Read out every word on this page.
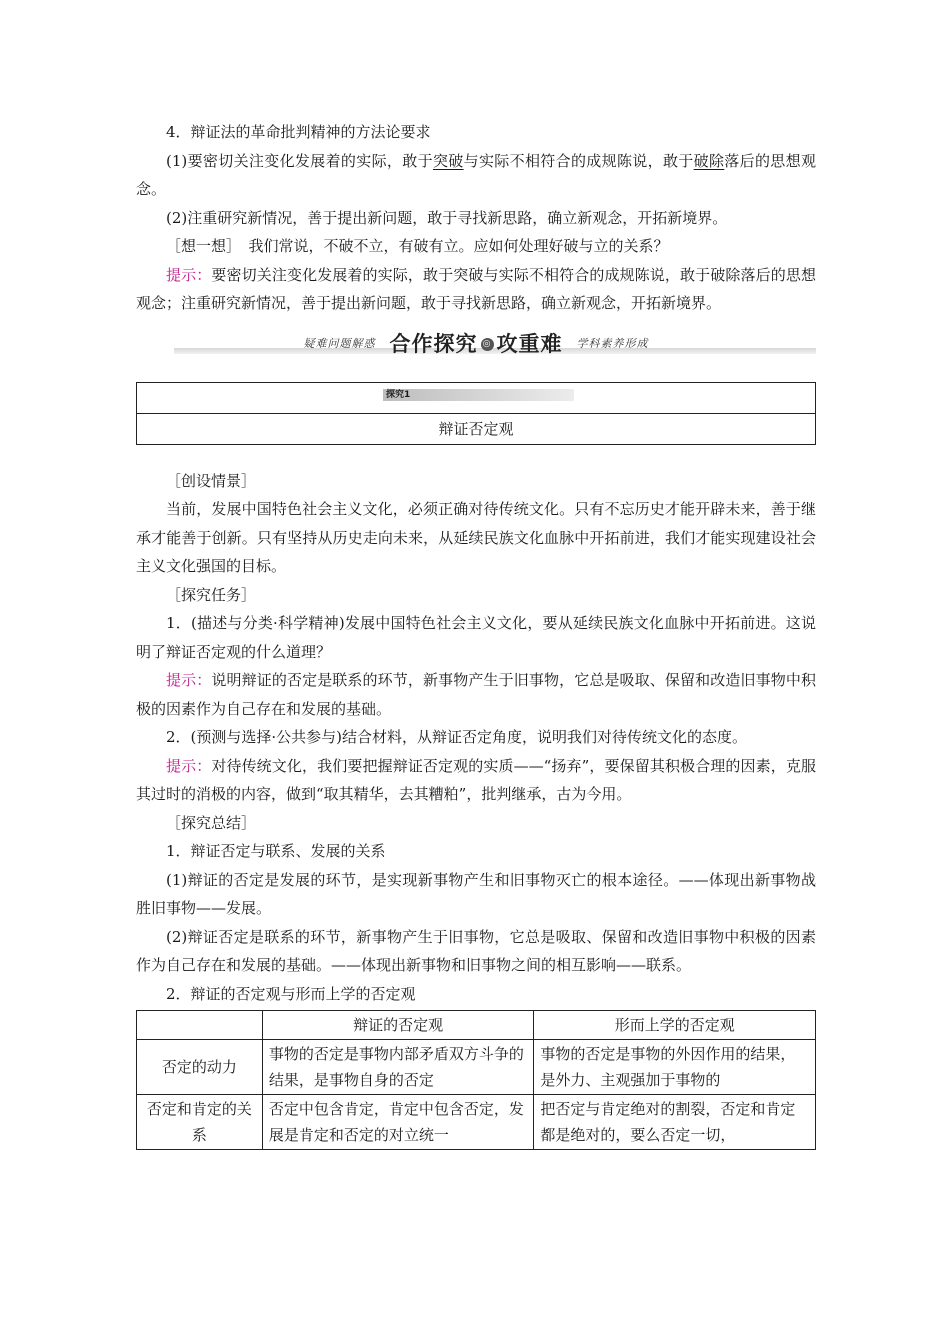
4．辩证法的革命批判精神的方法论要求

(1)要密切关注变化发展着的实际，敢于突破与实际不相符合的成规陈说，敢于破除落后的思想观念。

(2)注重研究新情况，善于提出新问题，敢于寻找新思路，确立新观念，开拓新境界。

［想一想］　我们常说，不破不立，有破有立。应如何处理好破与立的关系？

提示：要密切关注变化发展着的实际，敢于突破与实际不相符合的成规陈说，敢于破除落后的思想观念；注重研究新情况，善于提出新问题，敢于寻找新思路，确立新观念，开拓新境界。

疑难问题解惑 合作探究 ◎ 攻重难 学科素养形成
探究1
辩证否定观

［创设情景］

当前，发展中国特色社会主义文化，必须正确对待传统文化。只有不忘历史才能开辟未来，善于继承才能善于创新。只有坚持从历史走向未来，从延续民族文化血脉中开拓前进，我们才能实现建设社会主义文化强国的目标。

［探究任务］

1．(描述与分类·科学精神)发展中国特色社会主义文化，要从延续民族文化血脉中开拓前进。这说明了辩证否定观的什么道理？

提示：说明辩证的否定是联系的环节，新事物产生于旧事物，它总是吸取、保留和改造旧事物中积极的因素作为自己存在和发展的基础。

2．(预测与选择·公共参与)结合材料，从辩证否定角度，说明我们对待传统文化的态度。

提示：对待传统文化，我们要把握辩证否定观的实质——“扬弃”，要保留其积极合理的因素，克服其过时的消极的内容，做到“取其精华，去其糟粕”，批判继承，古为今用。

［探究总结］

1．辩证否定与联系、发展的关系

(1)辩证的否定是发展的环节，是实现新事物产生和旧事物灭亡的根本途径。——体现出新事物战胜旧事物——发展。

(2)辩证否定是联系的环节，新事物产生于旧事物，它总是吸取、保留和改造旧事物中积极的因素作为自己存在和发展的基础。——体现出新事物和旧事物之间的相互影响——联系。

2．辩证的否定观与形而上学的否定观

	辩证的否定观	形而上学的否定观
否定的动力	事物的否定是事物内部矛盾双方斗争的结果，是事物自身的否定	事物的否定是事物的外因作用的结果，是外力、主观强加于事物的
否定和肯定的关系	否定中包含肯定，肯定中包含否定，发展是肯定和否定的对立统一	把否定与肯定绝对的割裂，否定和肯定都是绝对的，要么否定一切，
